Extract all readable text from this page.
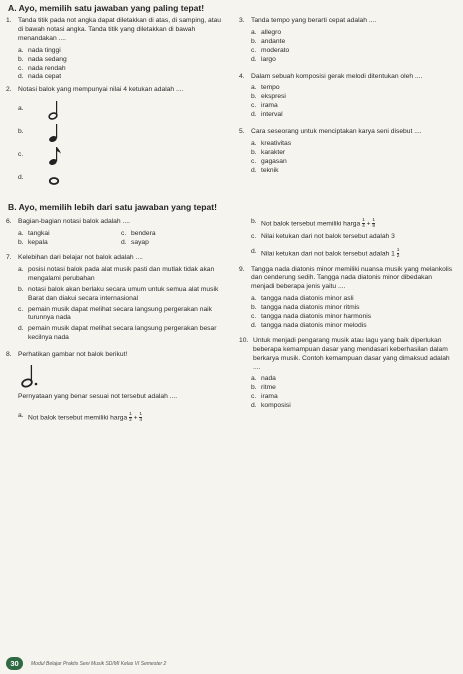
A. Ayo, memilih satu jawaban yang paling tepat!
1. Tanda titik pada not angka dapat diletakkan di atas, di samping, atau di bawah notasi angka. Tanda titik yang diletakkan di bawah menandakan ....
a. nada tinggi
b. nada sedang
c. nada rendah
d. nada cepat
2. Notasi balok yang mempunyai nilai 4 ketukan adalah ....
a.
b.
c.
d.
3. Tanda tempo yang berarti cepat adalah ....
a. allegro
b. andante
c. moderato
d. largo
4. Dalam sebuah komposisi gerak melodi ditentukan oleh ....
a. tempo
b. ekspresi
c. irama
d. interval
5. Cara seseorang untuk menciptakan karya seni disebut ....
a. kreativitas
b. karakter
c. gagasan
d. teknik
B. Ayo, memilih lebih dari satu jawaban yang tepat!
6. Bagian-bagian notasi balok adalah ....
a. tangkai	c. bendera
b. kepala	d. sayap
7. Kelebihan dari belajar not balok adalah ....
a. posisi notasi balok pada alat musik pasti dan mutlak tidak akan mengalami perubahan
b. notasi balok akan berlaku secara umum untuk semua alat musik Barat dan diakui secara internasional
c. pemain musik dapat melihat secara langsung pergerakan naik turunnya nada
d. pemain musik dapat melihat secara langsung pergerakan besar kecilnya nada
8. Perhatikan gambar not balok berikut!
Pernyataan yang benar sesuai not tersebut adalah ....
a. Not balok tersebut memiliki harga $\frac{1}{2} + \frac{1}{4}$
b. Not balok tersebut memiliki harga $\frac{1}{4} + \frac{1}{8}$
c. Nilai ketukan dari not balok tersebut adalah 3
d. Nilai ketukan dari not balok tersebut adalah $1 \frac{1}{2}$
9. Tangga nada diatonis minor memiliki nuansa musik yang melankolis dan cenderung sedih. Tangga nada diatonis minor dibedakan menjadi beberapa jenis yaitu ....
a. tangga nada diatonis minor asli
b. tangga nada diatonis minor ritmis
c. tangga nada diatonis minor harmonis
d. tangga nada diatonis minor melodis
10. Untuk menjadi pengarang musik atau lagu yang baik diperlukan beberapa kemampuan dasar yang mendasari keberhasilan dalam berkarya musik. Contoh kemampuan dasar yang dimaksud adalah ....
a. nada
b. ritme
c. irama
d. komposisi
30	Modul Belajar Praktis Seni Musik SD/MI Kelas VI Semester 2
